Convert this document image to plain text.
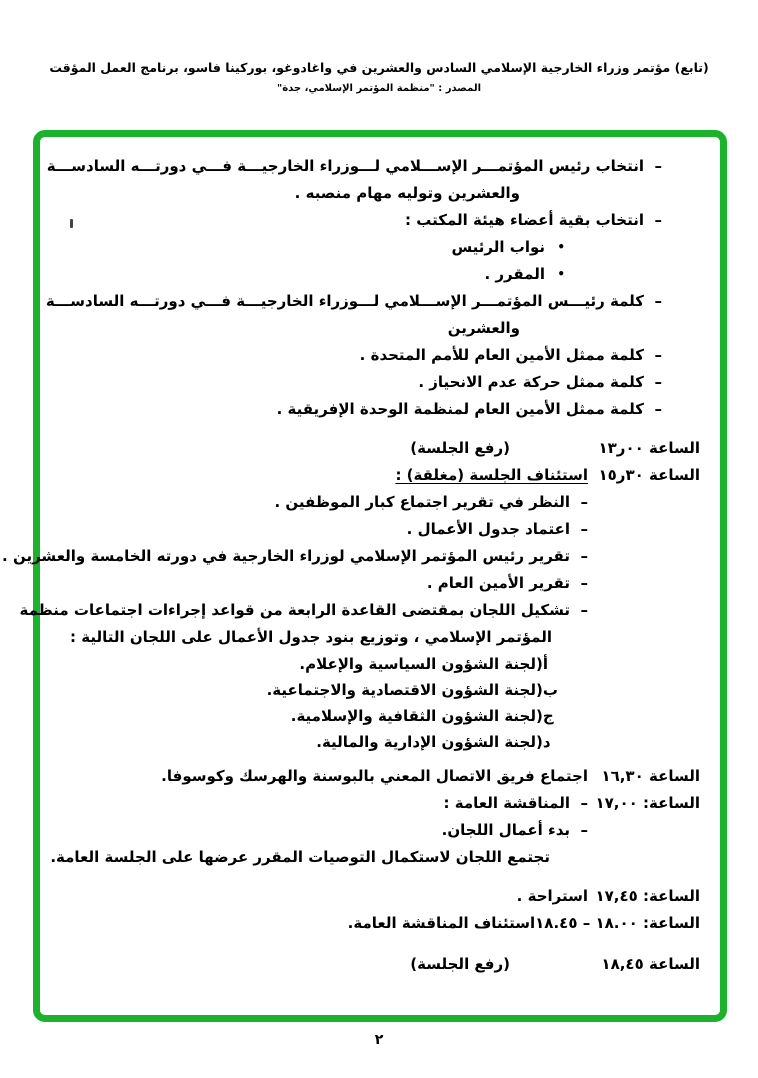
(تابع) مؤتمر وزراء الخارجية الإسلامي السادس والعشرين في واغادوغو، بوركينا فاسو، برنامج العمل المؤقت
المصدر : "منظمة المؤتمر الإسلامي، جدة"
–انتخاب رئيس المؤتمـــر الإســـلامي لـــوزراء الخارجيـــة فـــي دورتـــه السادســـة
والعشرين وتوليه مهام منصبه .
–انتخاب بقية أعضاء هيئة المكتب :
•نواب الرئيس
•المقرر .
–كلمة رئيـــس المؤتمـــر الإســـلامي لـــوزراء الخارجيـــة فـــي دورتـــه السادســـة
والعشرين
–كلمة ممثل الأمين العام للأمم المتحدة .
–كلمة ممثل حركة عدم الانحياز .
–كلمة ممثل الأمين العام لمنظمة الوحدة الإفريقية .
الساعة ٠٠ر١٣
(رفع الجلسة)
الساعة ٣٠ر١٥
استئناف الجلسة (مغلقة) :
–النظر في تقرير اجتماع كبار الموظفين .
–اعتماد جدول الأعمال .
–تقرير رئيس المؤتمر الإسلامي لوزراء الخارجية في دورته الخامسة والعشرين .
–تقرير الأمين العام .
–تشكيل اللجان بمقتضى القاعدة الرابعة من قواعد إجراءات اجتماعات منظمة
المؤتمر الإسلامي ، وتوزيع بنود جدول الأعمال على اللجان التالية :
)ألجنة الشؤون السياسية والإعلام.
)بلجنة الشؤون الاقتصادية والاجتماعية.
)جلجنة الشؤون الثقافية والإسلامية.
)دلجنة الشؤون الإدارية والمالية.
الساعة ١٦,٣٠
اجتماع فريق الاتصال المعني بالبوسنة والهرسك وكوسوفا.
الساعة: ١٧,٠٠
–المناقشة العامة :
–بدء أعمال اللجان.
تجتمع اللجان لاستكمال التوصيات المقرر عرضها على الجلسة العامة.
الساعة: ١٧,٤٥
استراحة .
الساعة: ١٨.٠٠ – ١٨.٤٥
استئناف المناقشة العامة.
الساعة ١٨,٤٥
(رفع الجلسة)
٢
